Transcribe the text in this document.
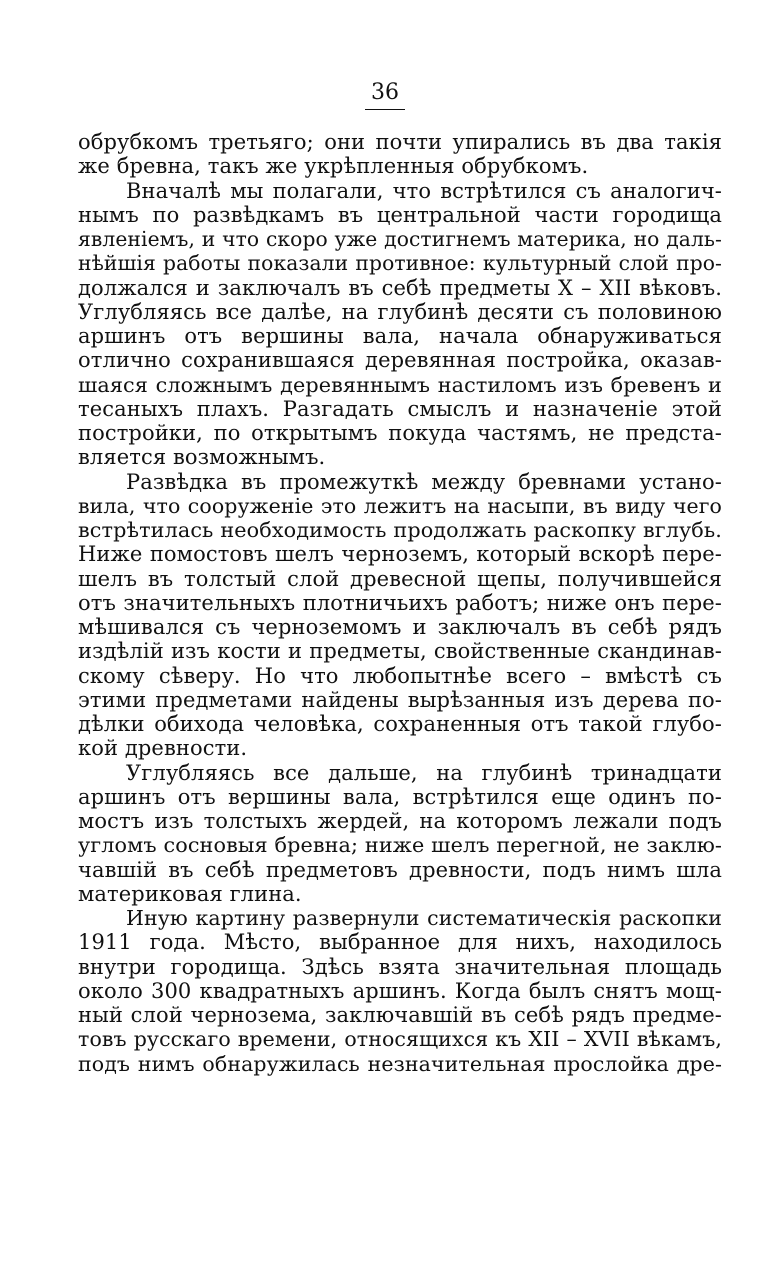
36
обрубкомъ третьяго; они почти упирались въ два такія
же бревна, такъ же укрѣпленныя обрубкомъ.
Вначалѣ мы полагали, что встрѣтился съ аналогич-
нымъ по развѣдкамъ въ центральной части городища
явленіемъ, и что скоро уже достигнемъ материка, но даль-
нѣйшія работы показали противное: культурный слой про-
должался и заключалъ въ себѣ предметы X – XII вѣковъ.
Углубляясь все далѣе, на глубинѣ десяти съ половиною
аршинъ отъ вершины вала, начала обнаруживаться
отлично сохранившаяся деревянная постройка, оказав-
шаяся сложнымъ деревяннымъ настиломъ изъ бревенъ и
тесаныхъ плахъ. Разгадать смыслъ и назначеніе этой
постройки, по открытымъ покуда частямъ, не предста-
вляется возможнымъ.
Развѣдка въ промежуткѣ между бревнами устано-
вила, что сооруженіе это лежитъ на насыпи, въ виду чего
встрѣтилась необходимость продолжать раскопку вглубь.
Ниже помостовъ шелъ черноземъ, который вскорѣ пере-
шелъ въ толстый слой древесной щепы, получившейся
отъ значительныхъ плотничьихъ работъ; ниже онъ пере-
мѣшивался съ черноземомъ и заключалъ въ себѣ рядъ
издѣлій изъ кости и предметы, свойственные скандинав-
скому сѣверу. Но что любопытнѣе всего – вмѣстѣ съ
этими предметами найдены вырѣзанныя изъ дерева по-
дѣлки обихода человѣка, сохраненныя отъ такой глубо-
кой древности.
Углубляясь все дальше, на глубинѣ тринадцати
аршинъ отъ вершины вала, встрѣтился еще одинъ по-
мостъ изъ толстыхъ жердей, на которомъ лежали подъ
угломъ сосновыя бревна; ниже шелъ перегной, не заклю-
чавшій въ себѣ предметовъ древности, подъ нимъ шла
материковая глина.
Иную картину развернули систематическія раскопки
1911 года. Мѣсто, выбранное для нихъ, находилось
внутри городища. Здѣсь взята значительная площадь
около 300 квадратныхъ аршинъ. Когда былъ снятъ мощ-
ный слой чернозема, заключавшій въ себѣ рядъ предме-
товъ русскаго времени, относящихся къ XII – XVII вѣкамъ,
подъ нимъ обнаружилась незначительная прослойка дре-
